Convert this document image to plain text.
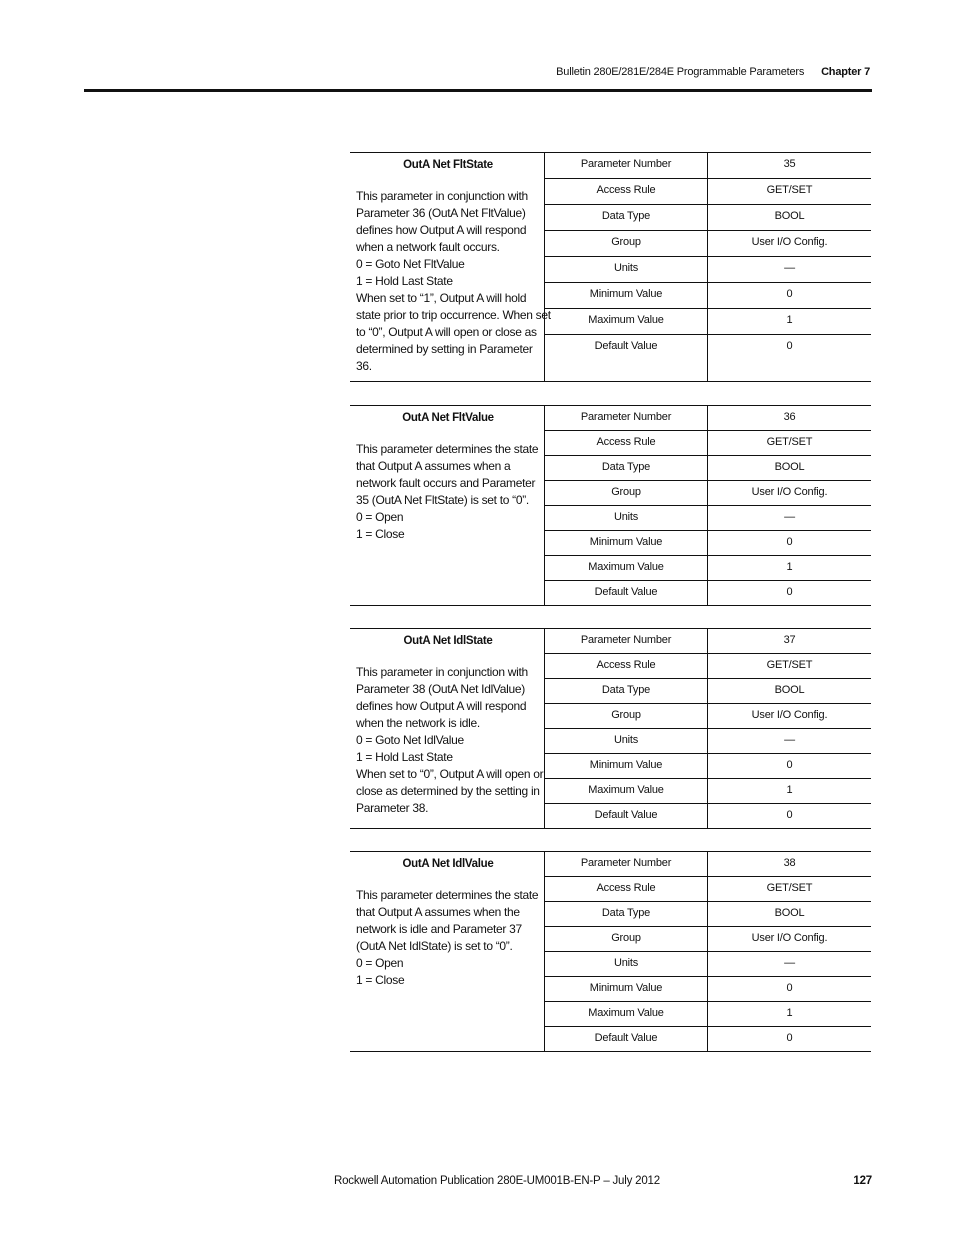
Bulletin 280E/281E/284E Programmable Parameters Chapter 7
OutA Net FltState
This parameter in conjunction with
Parameter 36 (OutA Net FltValue)
defines how Output A will respond
when a network fault occurs.
0 = Goto Net FltValue
1 = Hold Last State
When set to “1”, Output A will hold
state prior to trip occurrence. When set
to “0”, Output A will open or close as
determined by setting in Parameter
36.
Parameter Number	35
Access Rule	GET/SET
Data Type	BOOL
Group	User I/O Config.
Units	—
Minimum Value	0
Maximum Value	1
Default Value	0
OutA Net FltValue
This parameter determines the state
that Output A assumes when a
network fault occurs and Parameter
35 (OutA Net FltState) is set to “0”.
0 = Open
1 = Close
Parameter Number	36
Access Rule	GET/SET
Data Type	BOOL
Group	User I/O Config.
Units	—
Minimum Value	0
Maximum Value	1
Default Value	0
OutA Net IdlState
This parameter in conjunction with
Parameter 38 (OutA Net IdlValue)
defines how Output A will respond
when the network is idle.
0 = Goto Net IdlValue
1 = Hold Last State
When set to “0”, Output A will open or
close as determined by the setting in
Parameter 38.
Parameter Number	37
Access Rule	GET/SET
Data Type	BOOL
Group	User I/O Config.
Units	—
Minimum Value	0
Maximum Value	1
Default Value	0
OutA Net IdlValue
This parameter determines the state
that Output A assumes when the
network is idle and Parameter 37
(OutA Net IdlState) is set to “0”.
0 = Open
1 = Close
Parameter Number	38
Access Rule	GET/SET
Data Type	BOOL
Group	User I/O Config.
Units	—
Minimum Value	0
Maximum Value	1
Default Value	0
Rockwell Automation Publication 280E-UM001B-EN-P – July 2012	127
